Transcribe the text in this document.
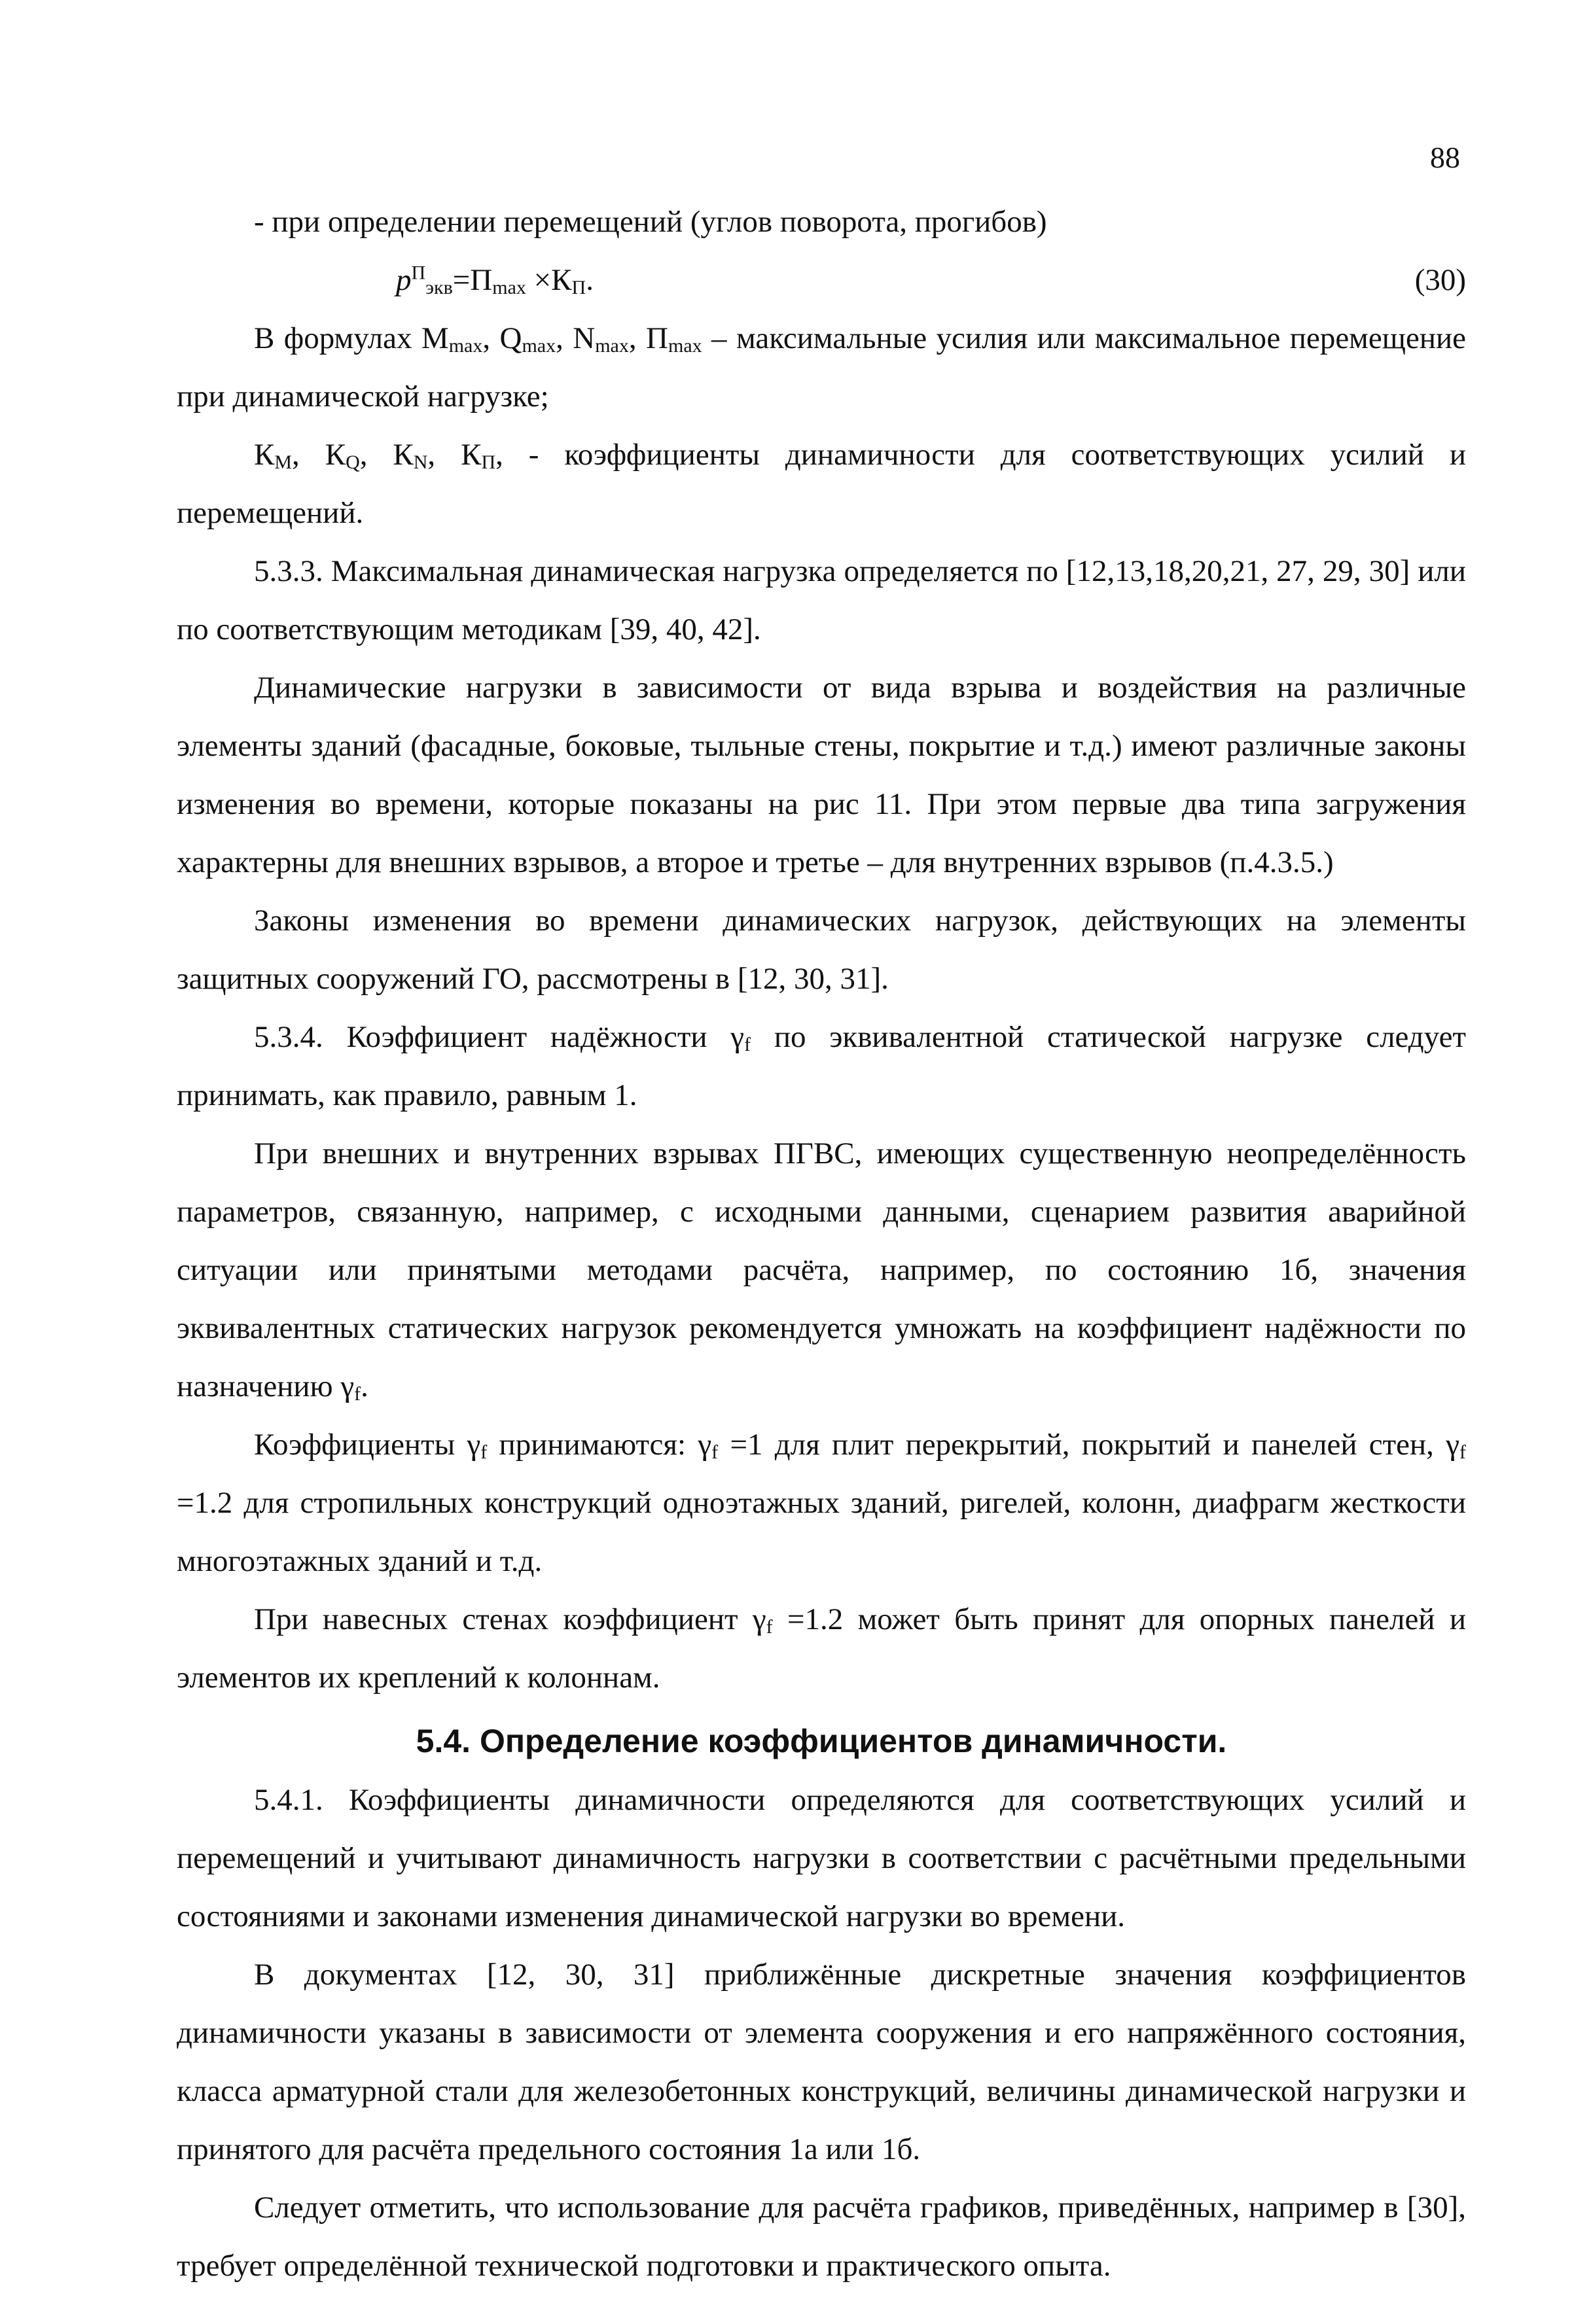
88

- при определении перемещений (углов поворота, прогибов)

$p^П_{экв}=П_{max} \times К_П$.	(30)

В формулах $М_{max}$, $Q_{max}$, $N_{max}$, $П_{max}$ – максимальные усилия или максимальное перемещение при динамической нагрузке;

$К_M$, $К_Q$, $К_N$, $К_П$, - коэффициенты динамичности для соответствующих усилий и перемещений.

5.3.3. Максимальная динамическая нагрузка определяется по [12,13,18,20,21, 27, 29, 30] или по соответствующим методикам [39, 40, 42].

Динамические нагрузки в зависимости от вида взрыва и воздействия на различные элементы зданий (фасадные, боковые, тыльные стены, покрытие и т.д.) имеют различные законы изменения во времени, которые показаны на рис 11. При этом первые два типа загружения характерны для внешних взрывов, а второе и третье – для внутренних взрывов (п.4.3.5.)

Законы изменения во времени динамических нагрузок, действующих на элементы защитных сооружений ГО, рассмотрены в [12, 30, 31].

5.3.4. Коэффициент надёжности $\gamma_f$ по эквивалентной статической нагрузке следует принимать, как правило, равным 1.

При внешних и внутренних взрывах ПГВС, имеющих существенную неопределённость параметров, связанную, например, с исходными данными, сценарием развития аварийной ситуации или принятыми методами расчёта, например, по состоянию 1б, значения эквивалентных статических нагрузок рекомендуется умножать на коэффициент надёжности по назначению $\gamma_f$.

Коэффициенты $\gamma_f$ принимаются: $\gamma_f =1$ для плит перекрытий, покрытий и панелей стен, $\gamma_f =1.2$ для стропильных конструкций одноэтажных зданий, ригелей, колонн, диафрагм жесткости многоэтажных зданий и т.д.

При навесных стенах коэффициент $\gamma_f =1.2$ может быть принят для опорных панелей и элементов их креплений к колоннам.

5.4. Определение коэффициентов динамичности.

5.4.1. Коэффициенты динамичности определяются для соответствующих усилий и перемещений и учитывают динамичность нагрузки в соответствии с расчётными предельными состояниями и законами изменения динамической нагрузки во времени.

В документах [12, 30, 31] приближённые дискретные значения коэффициентов динамичности указаны в зависимости от элемента сооружения и его напряжённого состояния, класса арматурной стали для железобетонных конструкций, величины динамической нагрузки и принятого для расчёта предельного состояния 1а или 1б.

Следует отметить, что использование для расчёта графиков, приведённых, например в [30], требует определённой технической подготовки и практического опыта.
